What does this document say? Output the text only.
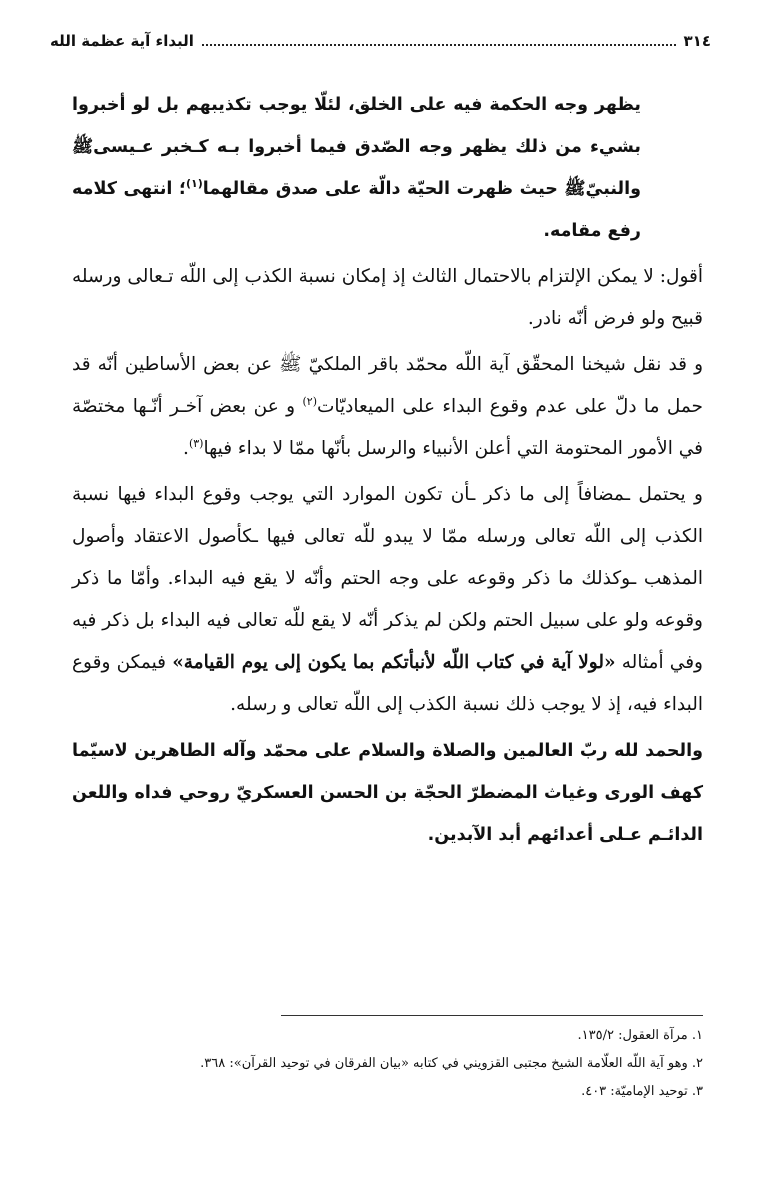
٣١٤
البداء آية عظمة الله

يظهر وجه الحكمة فيه على الخلق، لئلّا يوجب تكذيبهم بل لو أخبروا بشيء من ذلك يظهر وجه الصّدق فيما أخبروا بـه كـخبر عـيسىﷺ والنبيّﷺ حيث ظهرت الحيّة دالّة على صدق مقالهما$^{(١)}$؛ انتهى كلامه رفع مقامه.

أقول: لا يمكن الإلتزام بالاحتمال الثالث إذ إمكان نسبة الكذب إلى اللّه تـعالى ورسله قبيح ولو فرض أنّه نادر.

و قد نقل شيخنا المحقّق آية اللّه محمّد باقر الملكيّ ﷺ عن بعض الأساطين أنّه قد حمل ما دلّ على عدم وقوع البداء على الميعاديّات$^{(٢)}$ و عن بعض آخـر أنّـها مختصّة في الأمور المحتومة التي أعلن الأنبياء والرسل بأنّها ممّا لا بداء فيها$^{(٣)}$.

و يحتمل ـمضافاً إلى ما ذكر ـأن تكون الموارد التي يوجب وقوع البداء فيها نسبة الكذب إلى اللّه تعالى ورسله ممّا لا يبدو للّه تعالى فيها ـكأصول الاعتقاد وأصول المذهب ـوكذلك ما ذكر وقوعه على وجه الحتم وأنّه لا يقع فيه البداء. وأمّا ما ذكر وقوعه ولو على سبيل الحتم ولكن لم يذكر أنّه لا يقع للّه تعالى فيه البداء بل ذكر فيه وفي أمثاله «لولا آية في كتاب اللّه لأنبأتكم بما يكون إلى يوم القيامة» فيمكن وقوع البداء فيه، إذ لا يوجب ذلك نسبة الكذب إلى اللّه تعالى و رسله.

والحمد لله ربّ العالمين والصلاة والسلام على محمّد وآله الطاهرين لاسيّما كهف الورى وغياث المضطرّ الحجّة بن الحسن العسكريّ روحي فداه واللعن الدائـم عـلى أعدائهم أبد الآبدين.

١. مرآة العقول: ١٣٥/٢.

٢. وهو آية اللّه العلّامة الشيخ مجتبى القزويني في كتابه «بيان الفرقان في توحيد القرآن»: ٣٦٨.

٣. توحيد الإماميّة: ٤٠٣.
